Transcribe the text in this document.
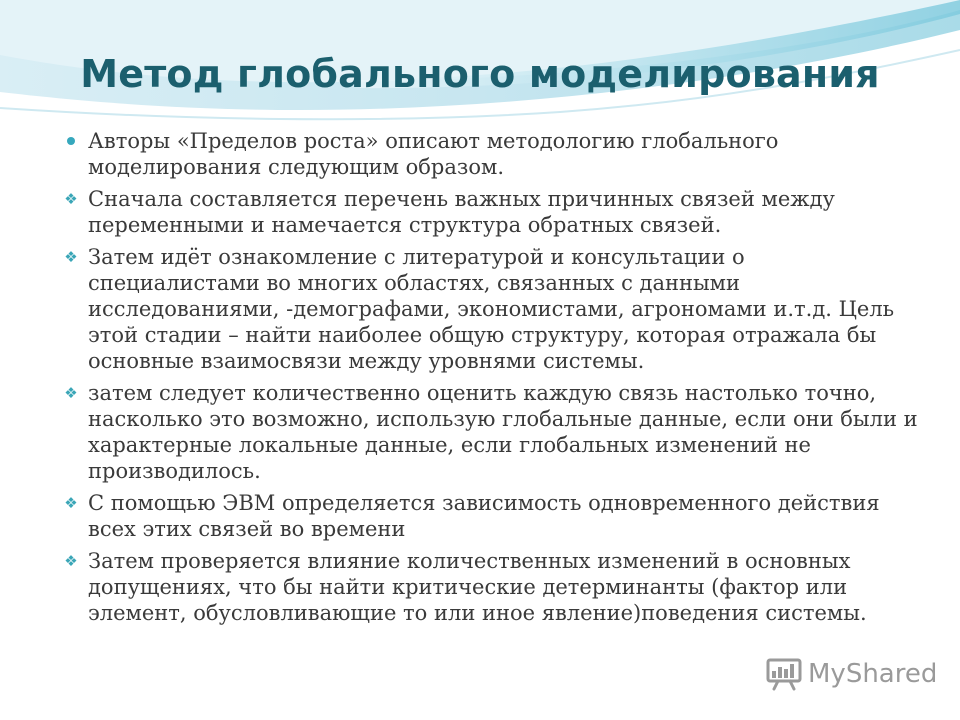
Метод глобального моделирования
Авторы «Пределов роста» описают методологию глобального моделирования следующим образом.
❖ Сначала составляется перечень важных причинных связей между переменными и намечается структура обратных связей.
❖ Затем идёт ознакомление с литературой и консультации о специалистами во многих областях, связанных с данными исследованиями, -демографами, экономистами, агрономами и.т.д. Цель этой стадии – найти наиболее общую структуру, которая отражала бы основные взаимосвязи между уровнями системы.
❖ затем следует количественно оценить каждую связь настолько точно, насколько это возможно, использую глобальные данные, если они были и характерные локальные данные, если глобальных изменений не производилось.
❖ С помощью ЭВМ определяется зависимость одновременного действия всех этих связей во времени
❖ Затем проверяется влияние количественных изменений в основных допущениях, что бы найти критические детерминанты (фактор или элемент, обусловливающие то или иное явление)поведения системы.
MyShared
